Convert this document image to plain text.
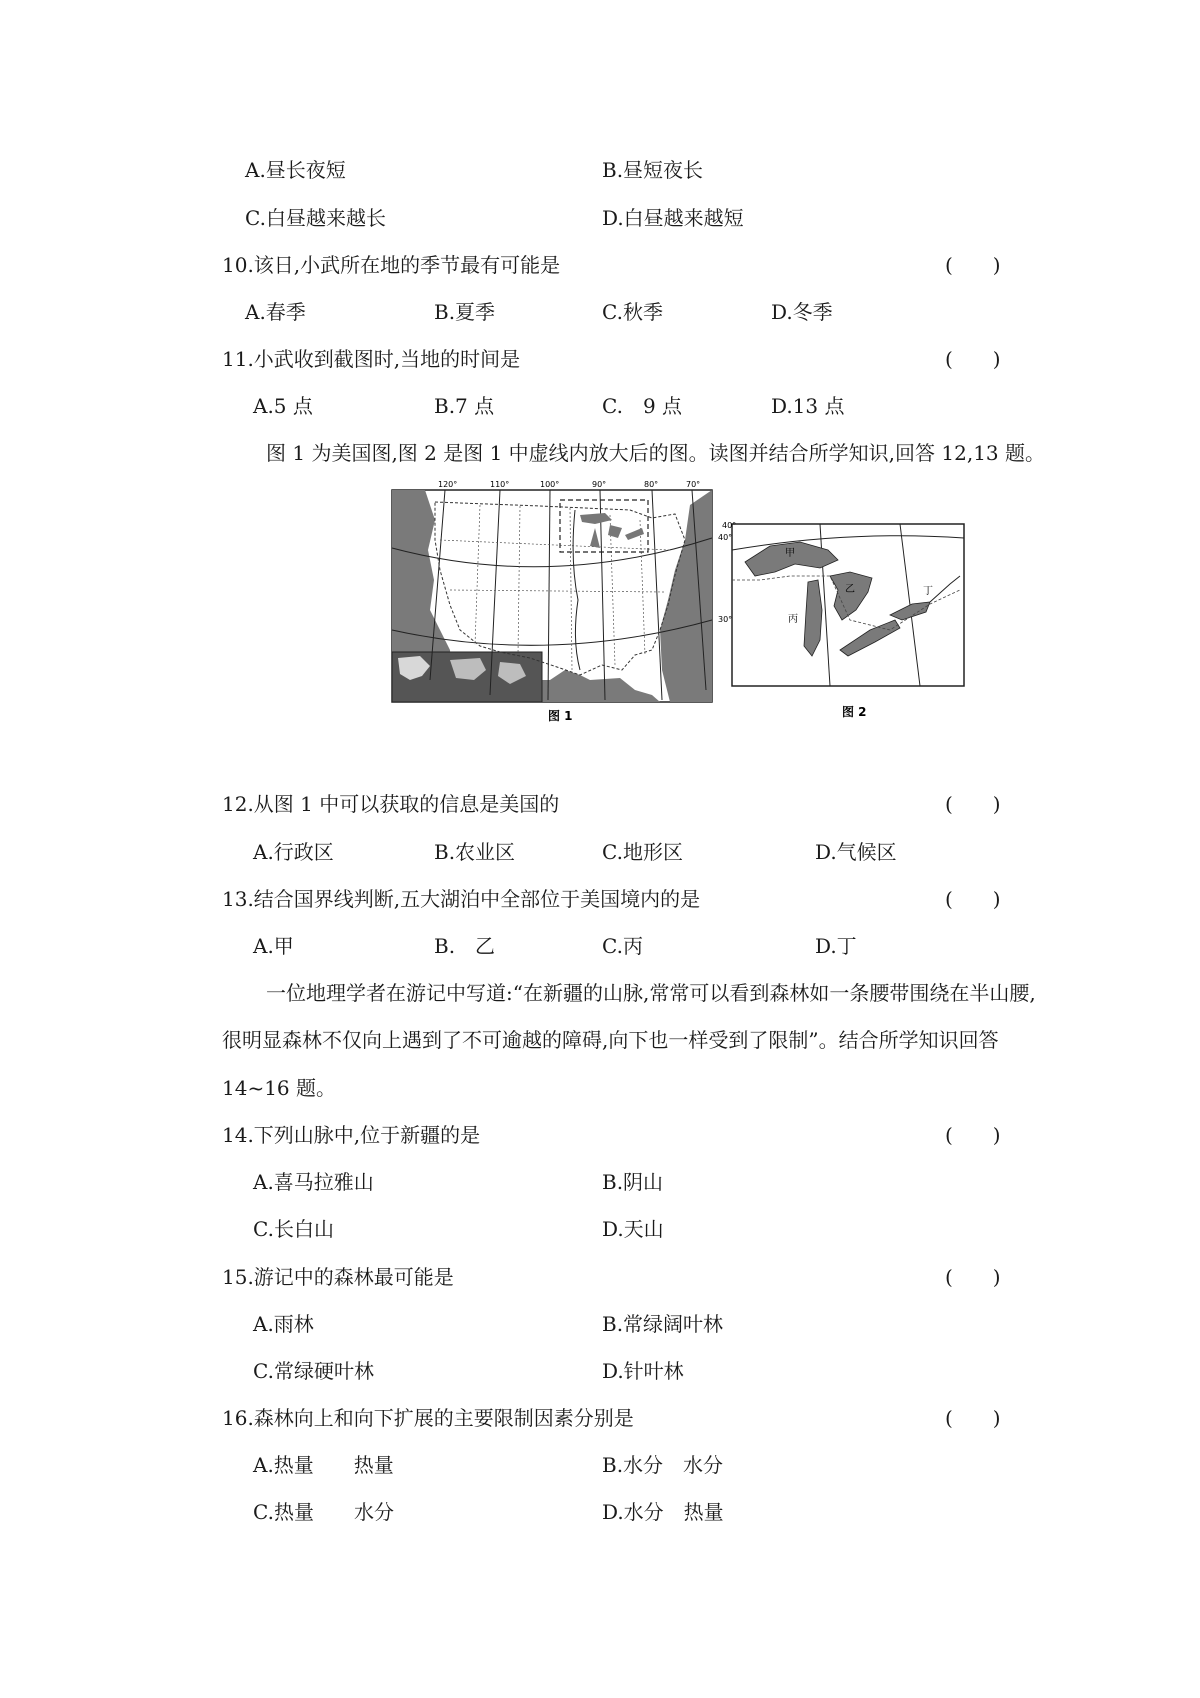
A.昼长夜短	B.昼短夜长
C.白昼越来越长	D.白昼越来越短
10.该日,小武所在地的季节最有可能是	(　　)
A.春季	B.夏季	C.秋季	D.冬季
11.小武收到截图时,当地的时间是	(　　)
A.5 点	B.7 点	C.　9 点	D.13 点
图 1 为美国图,图 2 是图 1 中虚线内放大后的图。读图并结合所学知识,回答 12,13 题。
120°	110°	100°	90°	80°	70°
40°
30°
甲
乙
丙
丁
40°
图 1	图 2
12.从图 1 中可以获取的信息是美国的	(　　)
A.行政区	B.农业区	C.地形区	D.气候区
13.结合国界线判断,五大湖泊中全部位于美国境内的是	(　　)
A.甲	B.　乙	C.丙	D.丁
一位地理学者在游记中写道:“在新疆的山脉,常常可以看到森林如一条腰带围绕在半山腰,
很明显森林不仅向上遇到了不可逾越的障碍,向下也一样受到了限制”。结合所学知识回答
14~16 题。
14.下列山脉中,位于新疆的是	(　　)
A.喜马拉雅山	B.阴山
C.长白山	D.天山
15.游记中的森林最可能是	(　　)
A.雨林	B.常绿阔叶林
C.常绿硬叶林	D.针叶林
16.森林向上和向下扩展的主要限制因素分别是	(　　)
A.热量　　热量	B.水分　水分
C.热量　　水分	D.水分　热量
